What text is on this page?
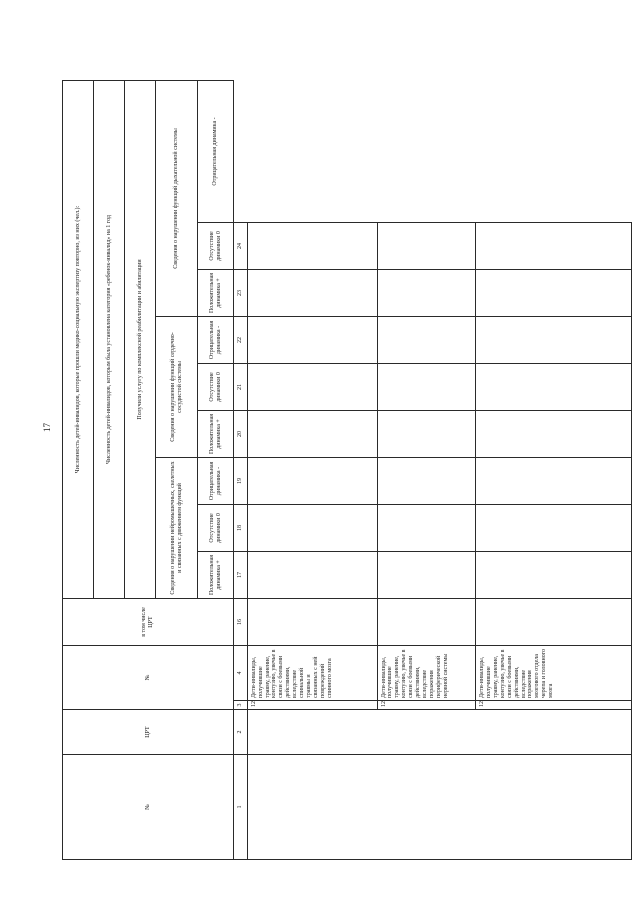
17
№	ЦРТ	№		в том числе ЦРТ	Численность детей-инвалидов, которые прошли медико-социальную экспертизу повторно, из них (чел.):								
					Численность детей-инвалидов, которым была установлена категория «ребенок-инвалид» на 1 год								
					Получили услугу по комплексной реабилитации и абилитации								
					Сведения о нарушении нейромышечных, скелетных и связанных с движением функций			Сведения о нарушении функций сердечно-сосудистой системы			Сведения о нарушении функций дыхательной системы		
					Положительная динамика +	Отсутствие динамики 0	Отрицательная динамика -	Положительная динамика +	Отсутствие динамики 0	Отрицательная динамика -	Положительная динамика +	Отсутствие динамики 0	Отрицательная динамика -
1	2	3	4	16	17	18	19	20	21	22	23	24	
		12.6	Дети-инвалиды, получившие травму, ранение, контузию, увечье в связи с боевыми действиями, вследствие спинальной травмы и связанных с ней повреждений спинного мозга										
		12.7	Дети-инвалиды, получившие травму, ранение, контузию, увечье в связи с боевыми действиями, вследствие поражения периферической нервной системы										
		12.8	Дети-инвалиды, получившие травму, ранение, контузию, увечье в связи с боевыми действиями, вследствие поражения мозгового отдела черепа и головного мозга										
